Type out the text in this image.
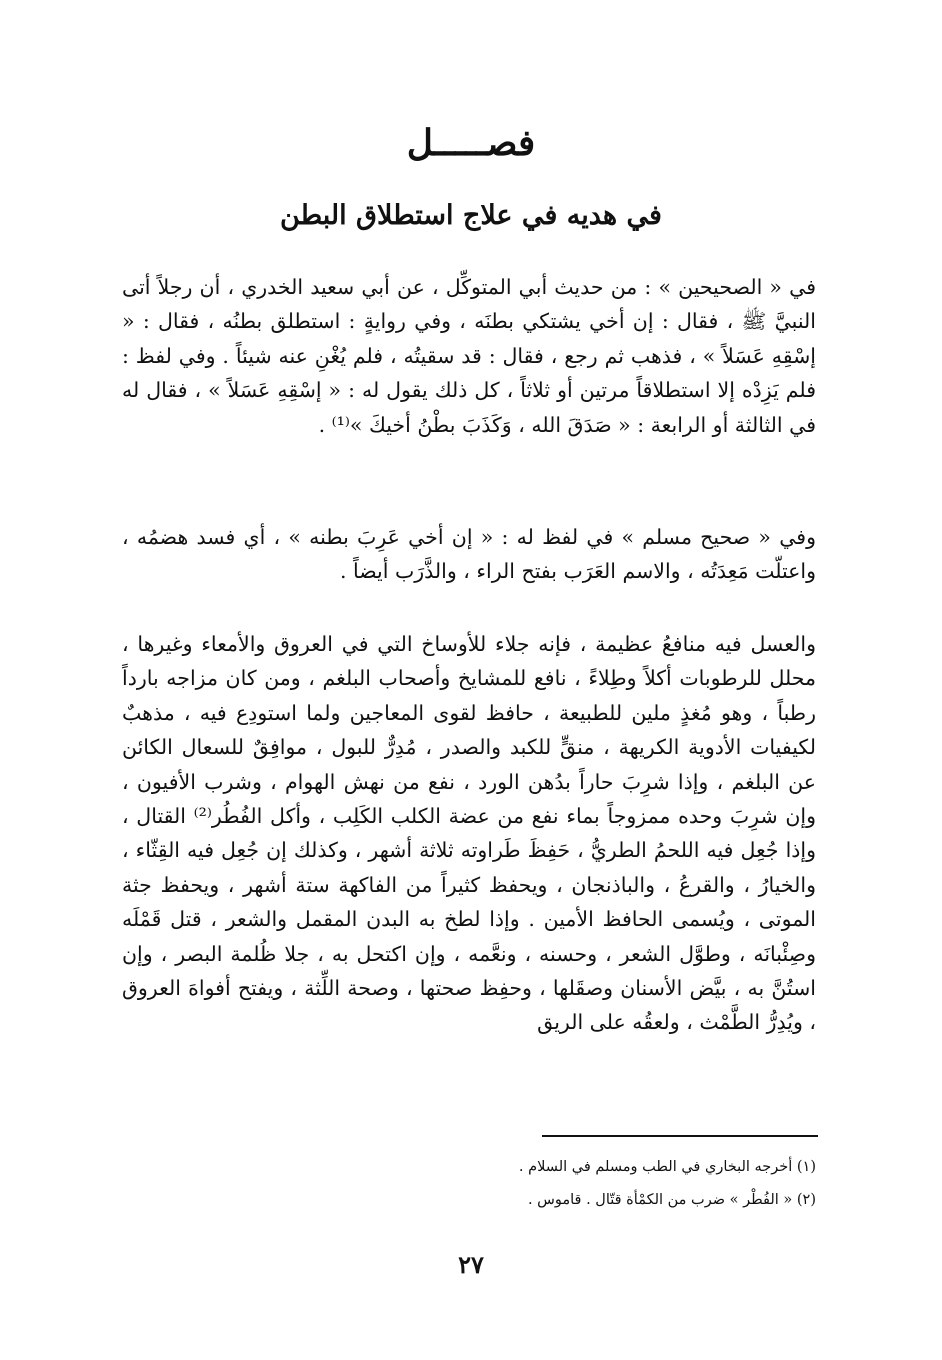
فصـــــل
في هديه في علاج استطلاق البطن

في « الصحيحين » : من حديث أبي المتوكِّل ، عن أبي سعيد الخدري ، أن رجلاً أتى النبيَّ ﷺ ، فقال : إن أخي يشتكي بطنَه ، وفي روايةٍ : استطلق بطنُه ، فقال : « إسْقِهِ عَسَلاً » ، فذهب ثم رجع ، فقال : قد سقيتُه ، فلم يُغْنِ عنه شيئاً . وفي لفظ : فلم يَزِدْه إلا استطلاقاً مرتين أو ثلاثاً ، كل ذلك يقول له : « إسْقِهِ عَسَلاً » ، فقال له في الثالثة أو الرابعة : « صَدَقَ الله ، وَكَذَبَ بطْنُ أخيكَ »⁽¹⁾ .

وفي « صحيح مسلم » في لفظ له : « إن أخي عَرِبَ بطنه » ، أي فسد هضمُه ، واعتلّت مَعِدَتُه ، والاسم العَرَب بفتح الراء ، والذَّرَب أيضاً .

والعسل فيه منافعُ عظيمة ، فإنه جلاء للأوساخ التي في العروق والأمعاء وغيرها ، محلل للرطوبات أكلاً وطِلاءً ، نافع للمشايخ وأصحاب البلغم ، ومن كان مزاجه بارداً رطباً ، وهو مُغذٍ ملين للطبيعة ، حافظ لقوى المعاجين ولما استودِع فيه ، مذهبٌ لكيفيات الأدوية الكريهة ، منقٍّ للكبد والصدر ، مُدِرٌّ للبول ، موافِقٌ للسعال الكائن عن البلغم ، وإذا شرِبَ حاراً بدُهن الورد ، نفع من نهش الهوام ، وشرب الأفيون ، وإن شرِبَ وحده ممزوجاً بماء نفع من عضة الكلب الكَلِب ، وأكل الفُطُر⁽²⁾ القتال ، وإذا جُعِل فيه اللحمُ الطريُّ ، حَفِظَ طَراوته ثلاثة أشهر ، وكذلك إن جُعِل فيه القِثّاء ، والخيارُ ، والقرعُ ، والباذنجان ، ويحفظ كثيراً من الفاكهة ستة أشهر ، ويحفظ جثة الموتى ، ويُسمى الحافظ الأمين . وإذا لطخ به البدن المقمل والشعر ، قتل قَمْلَه وصِئْبانَه ، وطوَّل الشعر ، وحسنه ، ونعَّمه ، وإن اكتحل به ، جلا ظُلمة البصر ، وإن استُنَّ به ، بيَّض الأسنان وصقَلها ، وحفِظ صحتها ، وصحة اللِّثة ، ويفتح أفواهَ العروق ، ويُدِرُّ الطَّمْث ، ولعقُه على الريق

(١) أخرجه البخاري في الطب ومسلم في السلام .

(٢) « الفُطْر » ضرب من الكمْأة قتّال . قاموس .

٢٧
